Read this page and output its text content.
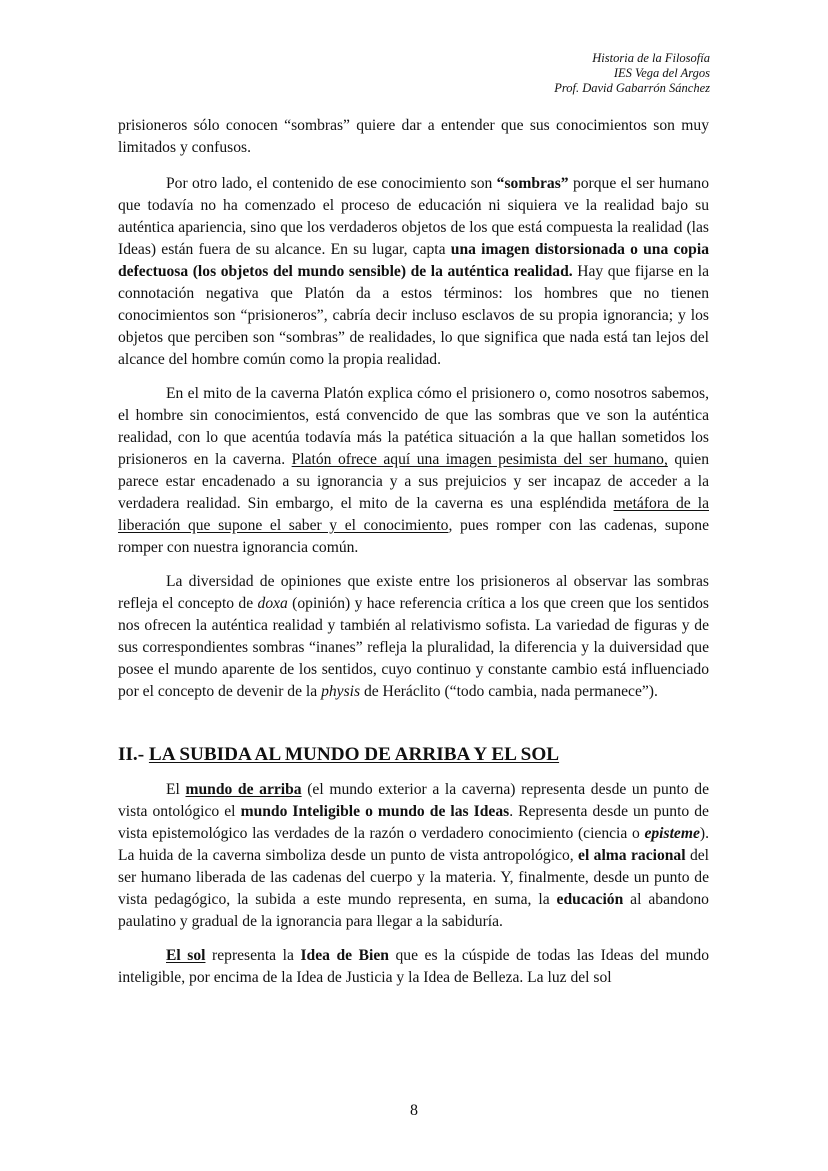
Historia de la Filosofía
IES Vega del Argos
Prof. David Gabarrón Sánchez

prisioneros sólo conocen “sombras” quiere dar a entender que sus conocimientos son muy limitados y confusos.

Por otro lado, el contenido de ese conocimiento son “sombras” porque el ser humano que todavía no ha comenzado el proceso de educación ni siquiera ve la realidad bajo su auténtica apariencia, sino que los verdaderos objetos de los que está compuesta la realidad (las Ideas) están fuera de su alcance. En su lugar, capta una imagen distorsionada o una copia defectuosa (los objetos del mundo sensible) de la auténtica realidad. Hay que fijarse en la connotación negativa que Platón da a estos términos: los hombres que no tienen conocimientos son “prisioneros”, cabría decir incluso esclavos de su propia ignorancia; y los objetos que perciben son “sombras” de realidades, lo que significa que nada está tan lejos del alcance del hombre común como la propia realidad.

En el mito de la caverna Platón explica cómo el prisionero o, como nosotros sabemos, el hombre sin conocimientos, está convencido de que las sombras que ve son la auténtica realidad, con lo que acentúa todavía más la patética situación a la que hallan sometidos los prisioneros en la caverna. Platón ofrece aquí una imagen pesimista del ser humano, quien parece estar encadenado a su ignorancia y a sus prejuicios y ser incapaz de acceder a la verdadera realidad. Sin embargo, el mito de la caverna es una espléndida metáfora de la liberación que supone el saber y el conocimiento, pues romper con las cadenas, supone romper con nuestra ignorancia común.

La diversidad de opiniones que existe entre los prisioneros al observar las sombras refleja el concepto de doxa (opinión) y hace referencia crítica a los que creen que los sentidos nos ofrecen la auténtica realidad y también al relativismo sofista. La variedad de figuras y de sus correspondientes sombras “inanes” refleja la pluralidad, la diferencia y la duiversidad que posee el mundo aparente de los sentidos, cuyo continuo y constante cambio está influenciado por el concepto de devenir de la physis de Heráclito (“todo cambia, nada permanece”).

II.- LA SUBIDA AL MUNDO DE ARRIBA Y EL SOL

El mundo de arriba (el mundo exterior a la caverna) representa desde un punto de vista ontológico el mundo Inteligible o mundo de las Ideas. Representa desde un punto de vista epistemológico las verdades de la razón o verdadero conocimiento (ciencia o episteme). La huida de la caverna simboliza desde un punto de vista antropológico, el alma racional del ser humano liberada de las cadenas del cuerpo y la materia. Y, finalmente, desde un punto de vista pedagógico, la subida a este mundo representa, en suma, la educación al abandono paulatino y gradual de la ignorancia para llegar a la sabiduría.

El sol representa la Idea de Bien que es la cúspide de todas las Ideas del mundo inteligible, por encima de la Idea de Justicia y la Idea de Belleza. La luz del sol

8
